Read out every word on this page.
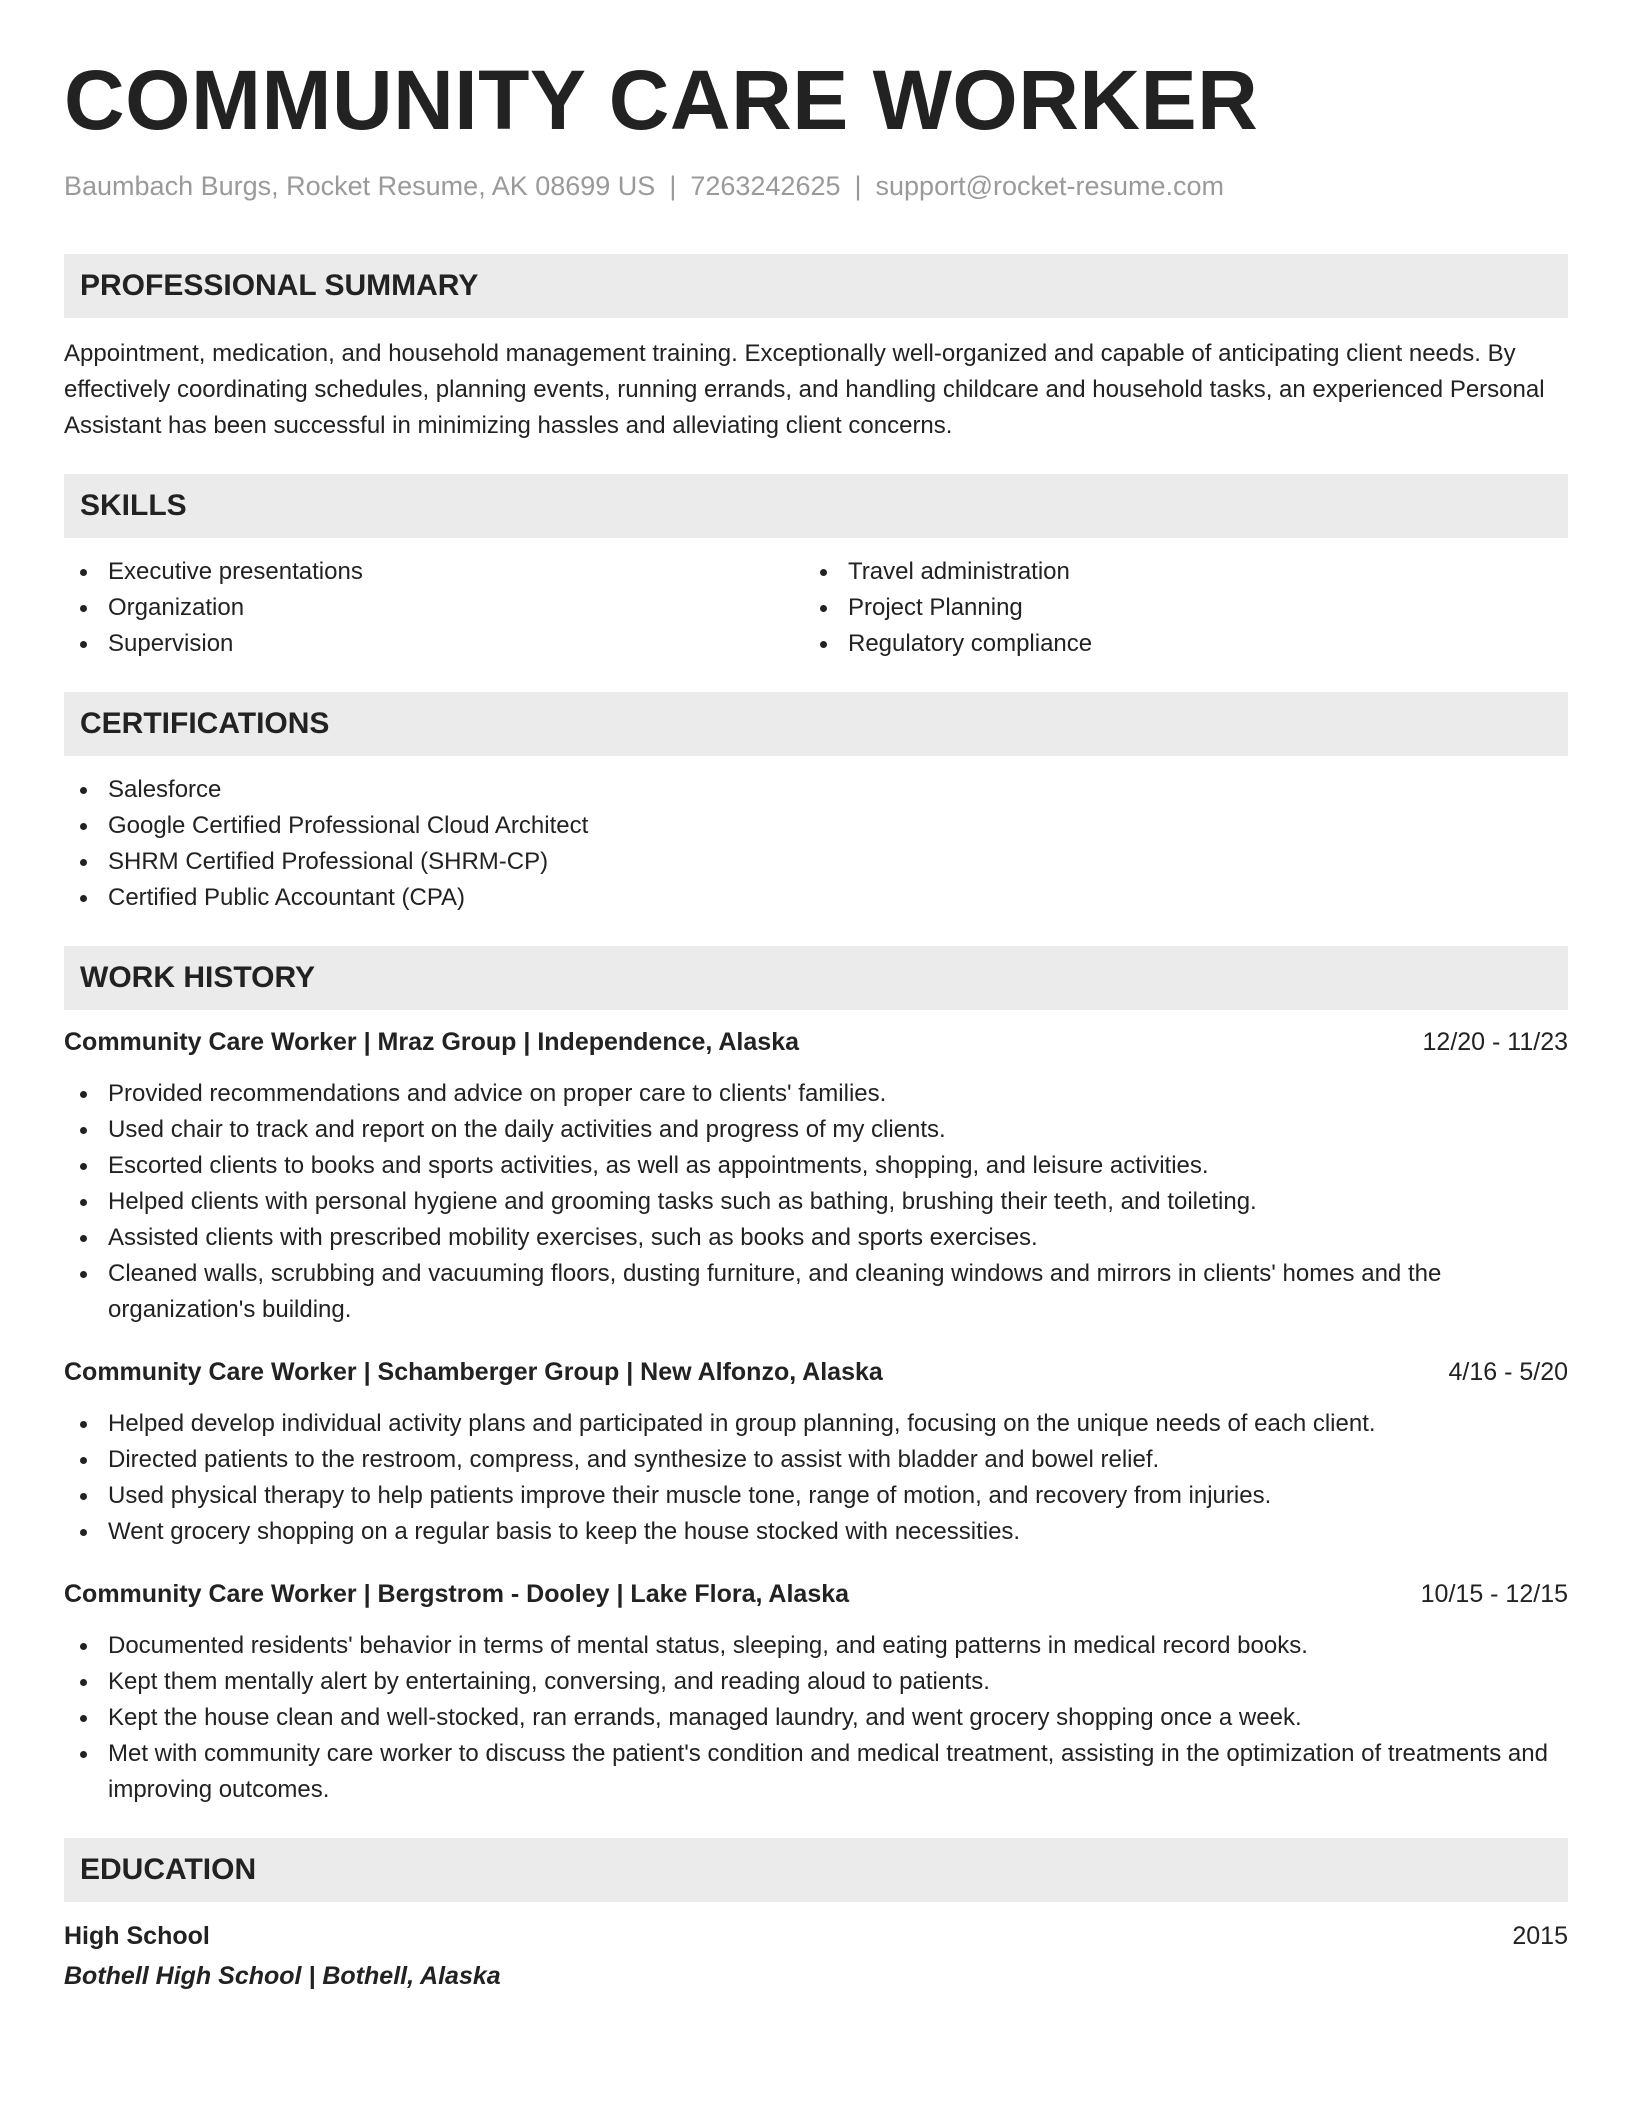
COMMUNITY CARE WORKER
Baumbach Burgs, Rocket Resume, AK 08699 US | 7263242625 | support@rocket-resume.com
PROFESSIONAL SUMMARY

Appointment, medication, and household management training. Exceptionally well-organized and capable of anticipating client needs. By effectively coordinating schedules, planning events, running errands, and handling childcare and household tasks, an experienced Personal Assistant has been successful in minimizing hassles and alleviating client concerns.

SKILLS
Executive presentations
Organization
Supervision
Travel administration
Project Planning
Regulatory compliance
CERTIFICATIONS
Salesforce
Google Certified Professional Cloud Architect
SHRM Certified Professional (SHRM-CP)
Certified Public Accountant (CPA)
WORK HISTORY
Community Care Worker | Mraz Group | Independence, Alaska	12/20 - 11/23
Provided recommendations and advice on proper care to clients' families.
Used chair to track and report on the daily activities and progress of my clients.
Escorted clients to books and sports activities, as well as appointments, shopping, and leisure activities.
Helped clients with personal hygiene and grooming tasks such as bathing, brushing their teeth, and toileting.
Assisted clients with prescribed mobility exercises, such as books and sports exercises.
Cleaned walls, scrubbing and vacuuming floors, dusting furniture, and cleaning windows and mirrors in clients' homes and the organization's building.
Community Care Worker | Schamberger Group | New Alfonzo, Alaska	4/16 - 5/20
Helped develop individual activity plans and participated in group planning, focusing on the unique needs of each client.
Directed patients to the restroom, compress, and synthesize to assist with bladder and bowel relief.
Used physical therapy to help patients improve their muscle tone, range of motion, and recovery from injuries.
Went grocery shopping on a regular basis to keep the house stocked with necessities.
Community Care Worker | Bergstrom - Dooley | Lake Flora, Alaska	10/15 - 12/15
Documented residents' behavior in terms of mental status, sleeping, and eating patterns in medical record books.
Kept them mentally alert by entertaining, conversing, and reading aloud to patients.
Kept the house clean and well-stocked, ran errands, managed laundry, and went grocery shopping once a week.
Met with community care worker to discuss the patient's condition and medical treatment, assisting in the optimization of treatments and improving outcomes.
EDUCATION
High School	2015
Bothell High School | Bothell, Alaska
